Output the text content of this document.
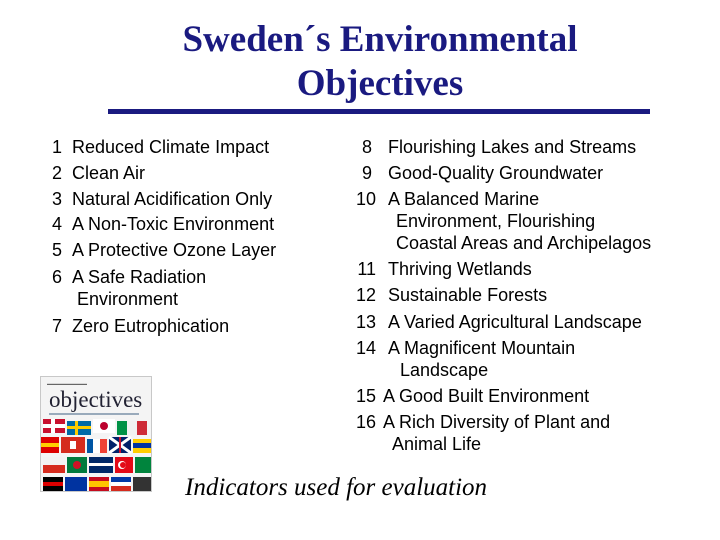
Sweden´s Environmental
Objectives
1 Reduced Climate Impact
2 Clean Air
3 Natural Acidification Only
4 A Non-Toxic Environment
5 A Protective Ozone Layer
6 A Safe Radiation
Environment
7 Zero Eutrophication
8 Flourishing Lakes and Streams
9 Good-Quality Groundwater
10 A Balanced Marine
Environment, Flourishing
Coastal Areas and Archipelagos
11 Thriving Wetlands
12 Sustainable Forests
13 A Varied Agricultural Landscape
14 A Magnificent Mountain
Landscape
15 A Good Built Environment
16 A Rich Diversity of Plant and
Animal Life
▬▬▬▬▬▬▬▬▬▬
objectives
Indicators used for evaluation
